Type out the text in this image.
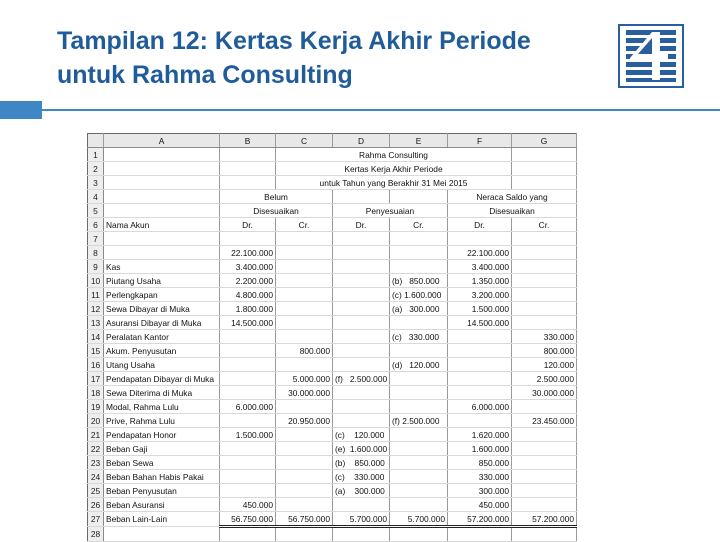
Tampilan 12: Kertas Kerja Akhir Periode
untuk Rahma Consulting
	A	B	C	D	E	F	G
1			Rahma Consulting				
2			Kertas Kerja Akhir Periode				
3			untuk Tahun yang Berakhir 31 Mei 2015				
4		Belum				Neraca Saldo yang	
5		Disesuaikan		Penyesuaian		Disesuaikan	
6	Nama Akun	Dr.	Cr.	Dr.	Cr.	Dr.	Cr.
7							
8		22.100.000				22.100.000	
9	Kas	3.400.000				3.400.000	
10	Piutang Usaha	2.200.000			(b)   850.000	1.350.000	
11	Perlengkapan	4.800.000			(c) 1.600.000	3.200.000	
12	Sewa Dibayar di Muka	1.800.000			(a)   300.000	1.500.000	
13	Asuransi Dibayar di Muka	14.500.000				14.500.000	
14	Peralatan Kantor				(c)   330.000		330.000
15	Akum. Penyusutan		800.000				800.000
16	Utang Usaha				(d)   120.000		120.000
17	Pendapatan Dibayar di Muka		5.000.000	(f)   2.500.000			2.500.000
18	Sewa Diterima di Muka		30.000.000				30.000.000
19	Modal, Rahma Lulu	6.000.000				6.000.000	
20	Prive, Rahma Lulu		20.950.000		(f) 2.500.000		23.450.000
21	Pendapatan Honor	1.500.000		(c)    120.000		1.620.000	
22	Beban Gaji			(e)  1.600.000		1.600.000	
23	Beban Sewa			(b)    850.000		850.000	
24	Beban Bahan Habis Pakai			(c)    330.000		330.000	
25	Beban Penyusutan			(a)    300.000		300.000	
26	Beban Asuransi	450.000				450.000	
27	Beban Lain-Lain	56.750.000	56.750.000	5.700.000	5.700.000	57.200.000	57.200.000
28							
